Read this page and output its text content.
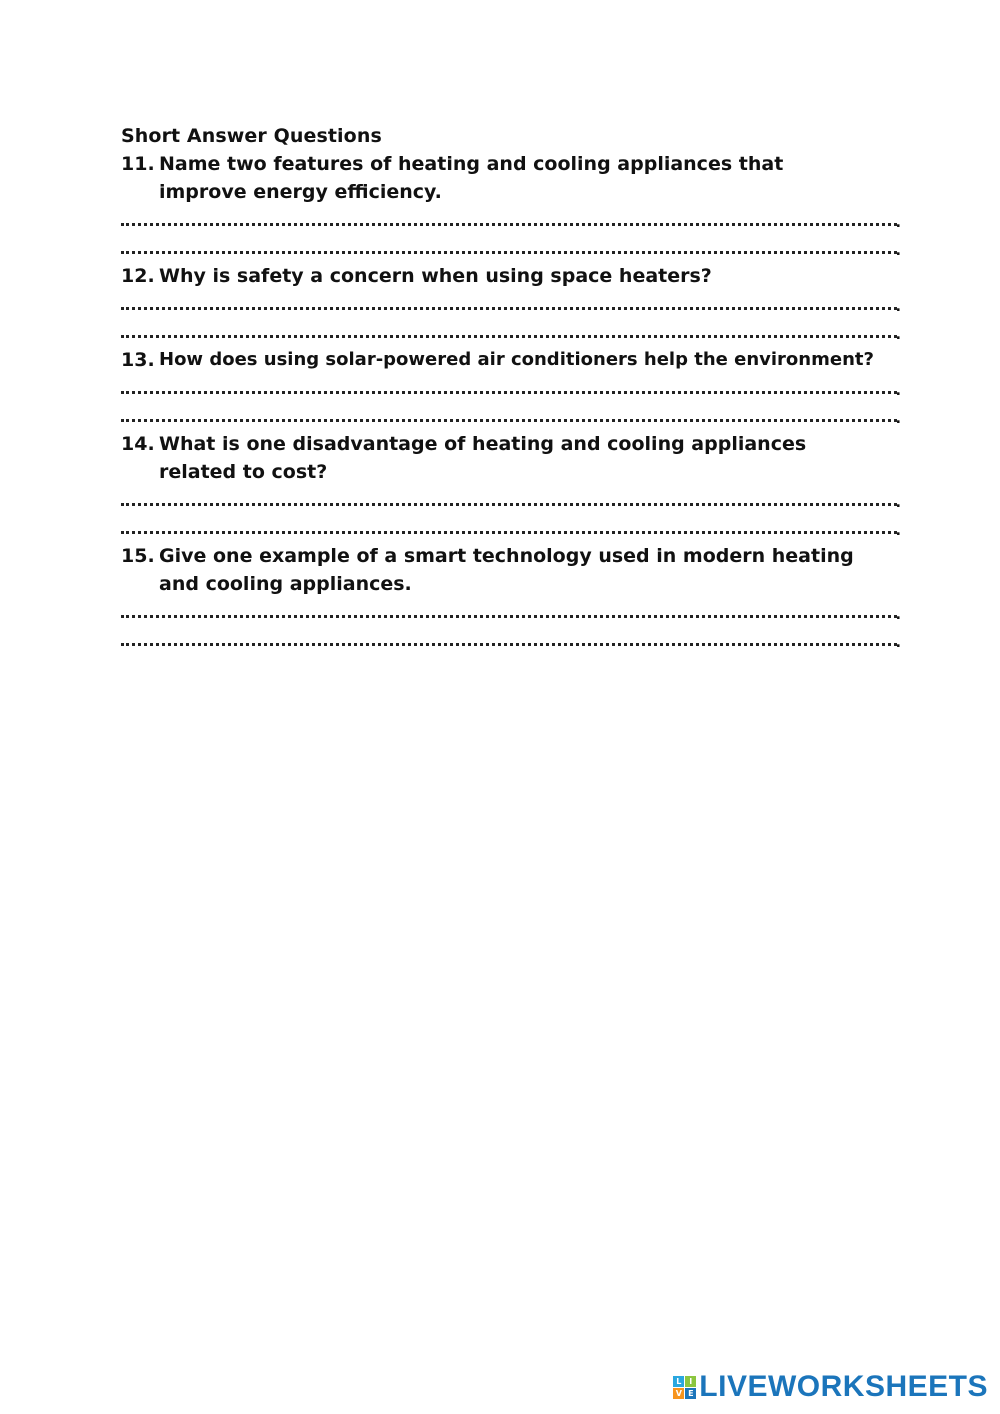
Short Answer Questions
11. Name two features of heating and cooling appliances that improve energy efficiency.
.
.
12. Why is safety a concern when using space heaters?
.
.
13. How does using solar-powered air conditioners help the environment?
.
.
14. What is one disadvantage of heating and cooling appliances related to cost?
.
.
15. Give one example of a smart technology used in modern heating and cooling appliances.
.
.
L I
V E LIVEWORKSHEETS
